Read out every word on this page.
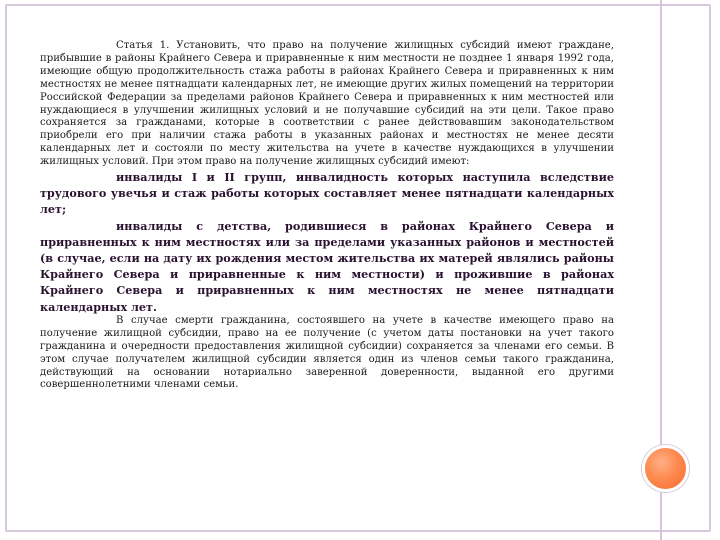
Статья 1. Установить, что право на получение жилищных субсидий имеют граждане, прибывшие в районы Крайнего Севера и приравненные к ним местности не позднее 1 января 1992 года, имеющие общую продолжительность стажа работы в районах Крайнего Севера и приравненных к ним местностях не менее пятнадцати календарных лет, не имеющие других жилых помещений на территории Российской Федерации за пределами районов Крайнего Севера и приравненных к ним местностей или нуждающиеся в улучшении жилищных условий и не получавшие субсидий на эти цели. Такое право сохраняется за гражданами, которые в соответствии с ранее действовавшим законодательством приобрели его при наличии стажа работы в указанных районах и местностях не менее десяти календарных лет и состояли по месту жительства на учете в качестве нуждающихся в улучшении жилищных условий. При этом право на получение жилищных субсидий имеют:

инвалиды I и II групп, инвалидность которых наступила вследствие трудового увечья и стаж работы которых составляет менее пятнадцати календарных лет;

инвалиды с детства, родившиеся в районах Крайнего Севера и приравненных к ним местностях или за пределами указанных районов и местностей (в случае, если на дату их рождения местом жительства их матерей являлись районы Крайнего Севера и приравненные к ним местности) и прожившие в районах Крайнего Севера и приравненных к ним местностях не менее пятнадцати календарных лет.

В случае смерти гражданина, состоявшего на учете в качестве имеющего право на получение жилищной субсидии, право на ее получение (с учетом даты постановки на учет такого гражданина и очередности предоставления жилищной субсидии) сохраняется за членами его семьи. В этом случае получателем жилищной субсидии является один из членов семьи такого гражданина, действующий на основании нотариально заверенной доверенности, выданной его другими совершеннолетними членами семьи.
